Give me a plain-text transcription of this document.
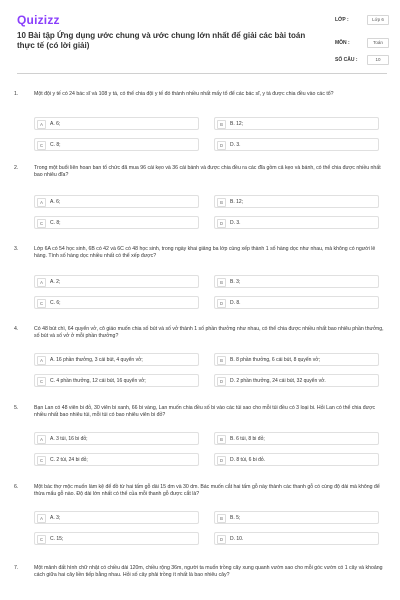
Quizizz
10 Bài tập Ứng dụng ước chung và ước chung lớn nhất để giải các bài toán thực tế (có lời giải)
LỚP :	Lớp 6
MÔN :	Toán
SỐ CÂU :	10
1.	Một đội y tế có 24 bác sĩ và 108 y tá, có thể chia đội y tế đó thành nhiều nhất mấy tổ để các bác sĩ, y tá được chia đều vào các tổ?
A	A. 6;	B	B. 12;
C	C. 8;	D	D. 3.
2.	Trong một buổi liên hoan ban tổ chức đã mua 96 cái kẹo và 36 cái bánh và được chia đều ra các đĩa gồm cả kẹo và bánh, có thể chia được nhiều nhất bao nhiêu đĩa?
A	A. 6;	B	B. 12;
C	C. 8;	D	D. 3.
3.	Lớp 6A có 54 học sinh, 6B có 42 và 6C có 48 học sinh, trong ngày khai giảng ba lớp cùng xếp thành 1 số hàng dọc như nhau, mà không có người lẻ hàng. Tính số hàng dọc nhiều nhất có thể xếp được?
A	A. 2;	B	B. 3;
C	C. 6;	D	D. 8.
4.	Có 48 bút chì, 64 quyển vở, cô giáo muốn chia số bút và số vở thành 1 số phần thưởng như nhau, có thể chia được nhiều nhất bao nhiêu phần thưởng, số bút và số vở ở mỗi phần thưởng?
A	A. 16 phần thưởng, 3 cái bút, 4 quyển vở;	B	B. 8 phần thưởng, 6 cái bút, 8 quyển vở;
C	C. 4 phần thưởng, 12 cái bút, 16 quyển vở;	D	D. 2 phần thưởng, 24 cái bút, 32 quyển vở.
5.	Bạn Lan có 48 viên bi đỏ, 30 viên bi xanh, 66 bi vàng, Lan muốn chia đều số bi vào các túi sao cho mỗi túi đều có 3 loại bi. Hỏi Lan có thể chia được nhiều nhất bao nhiêu túi, mỗi túi có bao nhiêu viên bi đỏ?
A	A. 3 túi, 16 bi đỏ;	B	B. 6 túi, 8 bi đỏ;
C	C. 2 túi, 24 bi đỏ;	D	D. 8 túi, 6 bi đỏ.
6.	Một bác thợ mộc muốn làm kệ để đồ từ hai tấm gỗ dài 15 dm và 30 dm. Bác muốn cắt hai tấm gỗ này thành các thanh gỗ có cùng độ dài mà không để thừa mẩu gỗ nào. Độ dài lớn nhất có thể của mỗi thanh gỗ được cắt là?
A	A. 3;	B	B. 5;
C	C. 15;	D	D. 10.
7.	Một mảnh đất hình chữ nhật có chiều dài 120m, chiều rộng 36m, người ta muốn trồng cây xung quanh vườn sao cho mỗi góc vườn có 1 cây và khoảng cách giữa hai cây liền tiếp bằng nhau. Hỏi số cây phải trồng ít nhất là bao nhiêu cây?
